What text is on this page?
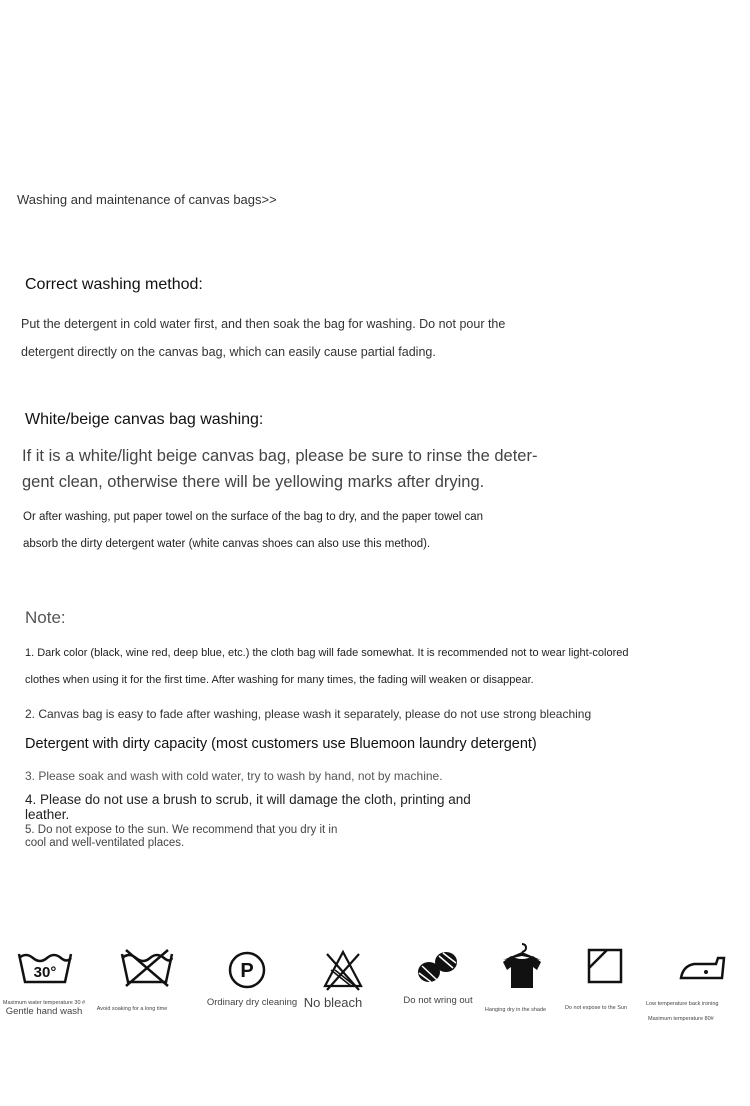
Washing and maintenance of canvas bags>>

Correct washing method:

Put the detergent in cold water first, and then soak the bag for washing. Do not pour the

detergent directly on the canvas bag, which can easily cause partial fading.

White/beige canvas bag washing:

If it is a white/light beige canvas bag, please be sure to rinse the deter-

gent clean, otherwise there will be yellowing marks after drying.

Or after washing, put paper towel on the surface of the bag to dry, and the paper towel can

absorb the dirty detergent water (white canvas shoes can also use this method).

Note:

1. Dark color (black, wine red, deep blue, etc.) the cloth bag will fade somewhat. It is recommended not to wear light-colored

clothes when using it for the first time. After washing for many times, the fading will weaken or disappear.

2. Canvas bag is easy to fade after washing, please wash it separately, please do not use strong bleaching

Detergent with dirty capacity (most customers use Bluemoon laundry detergent)

3. Please soak and wash with cold water, try to wash by hand, not by machine.

4. Please do not use a brush to scrub, it will damage the cloth, printing and leather.

5. Do not expose to the sun. We recommend that you dry it in cool and well-ventilated places.

30°
Maximum water temperature 30 #
Gentle hand wash	Avoid soaking for a long time
P
Ordinary dry cleaning No bleach	Do not wring out
Hanging dry in the shade	Do not expose to the Sun
Low temperature back ironing
Maximum temperature 80#
